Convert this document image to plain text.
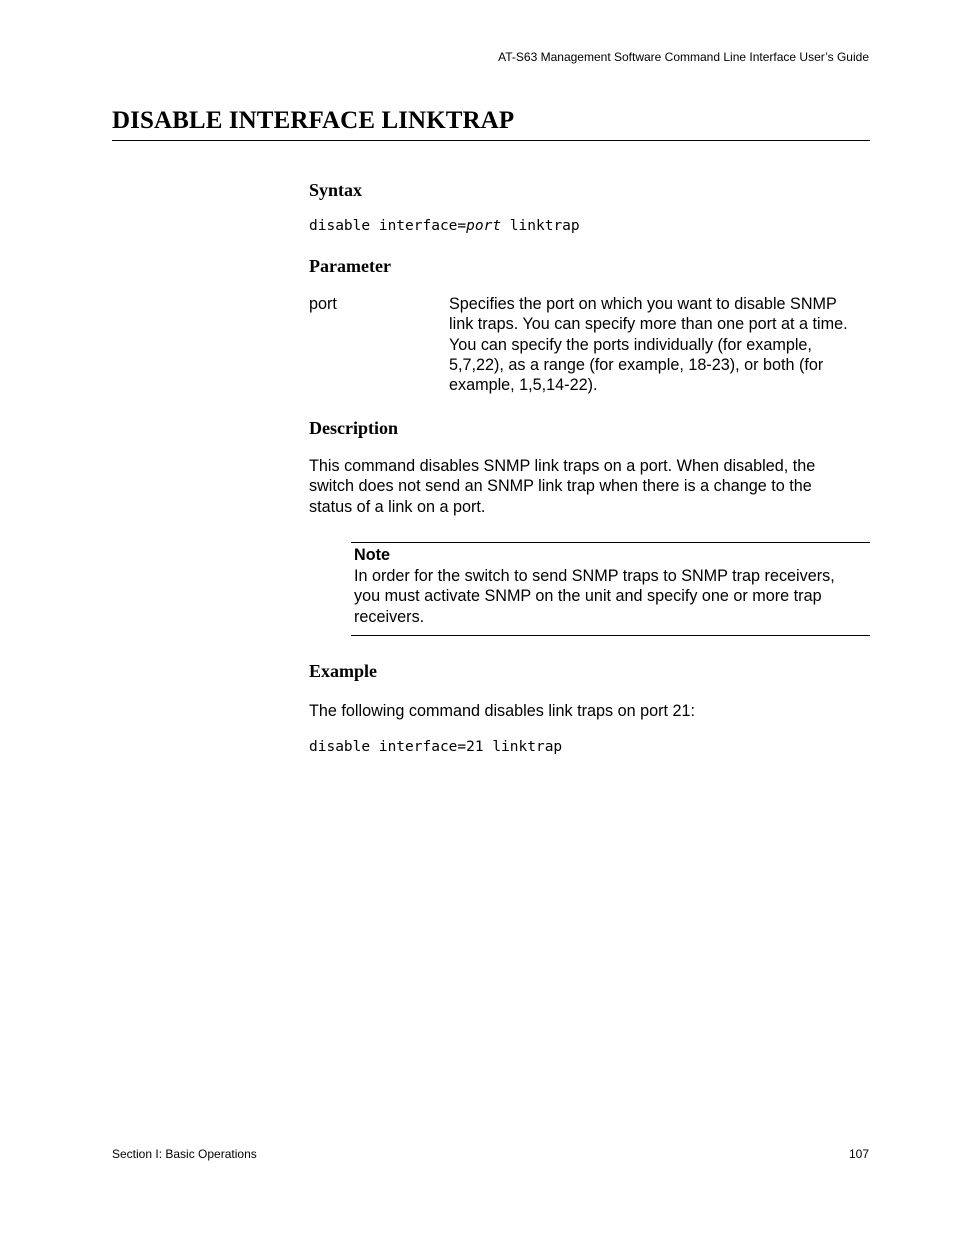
AT-S63 Management Software Command Line Interface User’s Guide
DISABLE INTERFACE LINKTRAP
Syntax
disable interface=port linktrap
Parameter
port	Specifies the port on which you want to disable SNMP
link traps. You can specify more than one port at a time.
You can specify the ports individually (for example,
5,7,22), as a range (for example, 18-23), or both (for
example, 1,5,14-22).
Description
This command disables SNMP link traps on a port. When disabled, the
switch does not send an SNMP link trap when there is a change to the
status of a link on a port.
Note
In order for the switch to send SNMP traps to SNMP trap receivers,
you must activate SNMP on the unit and specify one or more trap
receivers.
Example
The following command disables link traps on port 21:
disable interface=21 linktrap
Section I: Basic Operations	107
